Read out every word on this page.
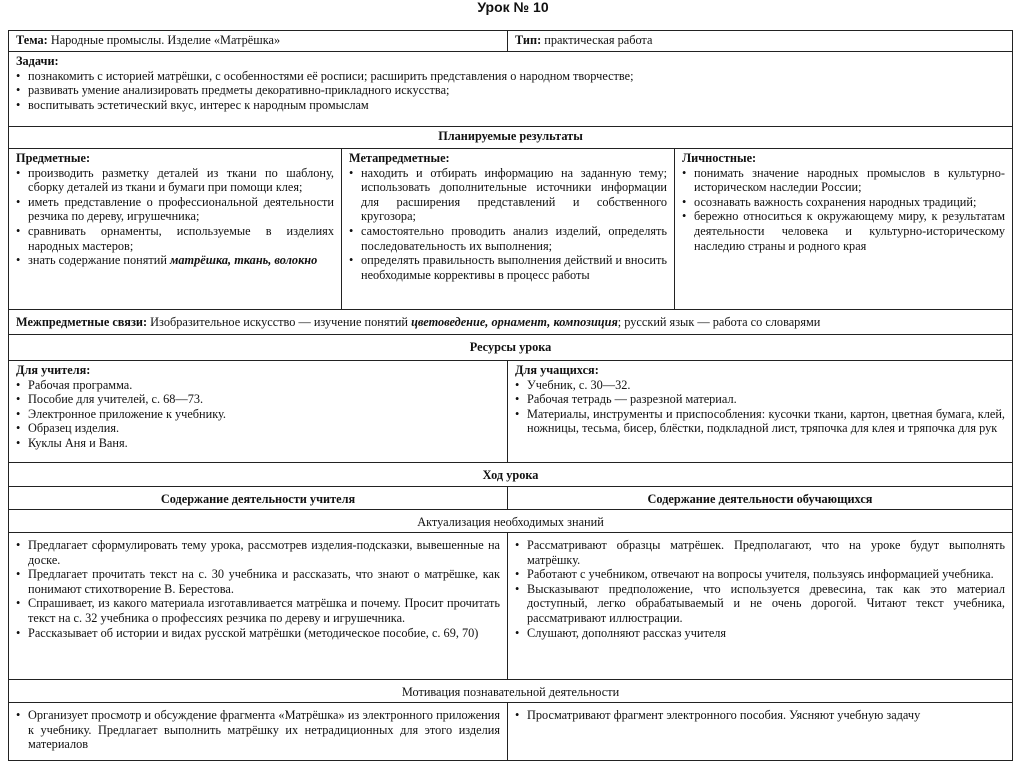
Урок № 10
Тема: Народные промыслы. Изделие «Матрёшка»	Тип: практическая работа
Задачи:
• познакомить с историей матрёшки, с особенностями её росписи; расширить представления о народном творчестве;
• развивать умение анализировать предметы декоративно-прикладного искусства;
• воспитывать эстетический вкус, интерес к народным промыслам
Планируемые результаты
Предметные:
• производить разметку деталей из ткани по шаблону, сборку деталей из ткани и бумаги при помощи клея;
• иметь представление о профессиональной деятельности резчика по дереву, игрушечника;
• сравнивать орнаменты, используемые в изделиях народных мастеров;
• знать содержание понятий матрёшка, ткань, волокно
Метапредметные:
• находить и отбирать информацию на заданную тему; использовать дополнительные источники информации для расширения представлений и собственного кругозора;
• самостоятельно проводить анализ изделий, определять последовательность их выполнения;
• определять правильность выполнения действий и вносить необходимые коррективы в процесс работы
Личностные:
• понимать значение народных промыслов в культурно-историческом наследии России;
• осознавать важность сохранения народных традиций;
• бережно относиться к окружающему миру, к результатам деятельности человека и культурно-историческому наследию страны и родного края
Межпредметные связи: Изобразительное искусство — изучение понятий цветоведение, орнамент, композиция; русский язык — работа со словарями
Ресурсы урока
Для учителя:
• Рабочая программа.
• Пособие для учителей, с. 68—73.
• Электронное приложение к учебнику.
• Образец изделия.
• Куклы Аня и Ваня.
Для учащихся:
• Учебник, с. 30—32.
• Рабочая тетрадь — разрезной материал.
• Материалы, инструменты и приспособления: кусочки ткани, картон, цветная бумага, клей, ножницы, тесьма, бисер, блёстки, подкладной лист, тряпочка для клея и тряпочка для рук
Ход урока
Содержание деятельности учителя	Содержание деятельности обучающихся
Актуализация необходимых знаний
• Предлагает сформулировать тему урока, рассмотрев изделия-подсказки, вывешенные на доске.
• Предлагает прочитать текст на с. 30 учебника и рассказать, что знают о матрёшке, как понимают стихотворение В. Берестова.
• Спрашивает, из какого материала изготавливается матрёшка и почему. Просит прочитать текст на с. 32 учебника о профессиях резчика по дереву и игрушечника.
• Рассказывает об истории и видах русской матрёшки (методическое пособие, с. 69, 70)
• Рассматривают образцы матрёшек. Предполагают, что на уроке будут выполнять матрёшку.
• Работают с учебником, отвечают на вопросы учителя, пользуясь информацией учебника.
• Высказывают предположение, что используется древесина, так как это материал доступный, легко обрабатываемый и не очень дорогой. Читают текст учебника, рассматривают иллюстрации.
• Слушают, дополняют рассказ учителя
Мотивация познавательной деятельности
• Организует просмотр и обсуждение фрагмента «Матрёшка» из электронного приложения к учебнику. Предлагает выполнить матрёшку их нетрадиционных для этого изделия материалов
• Просматривают фрагмент электронного пособия. Уясняют учебную задачу
